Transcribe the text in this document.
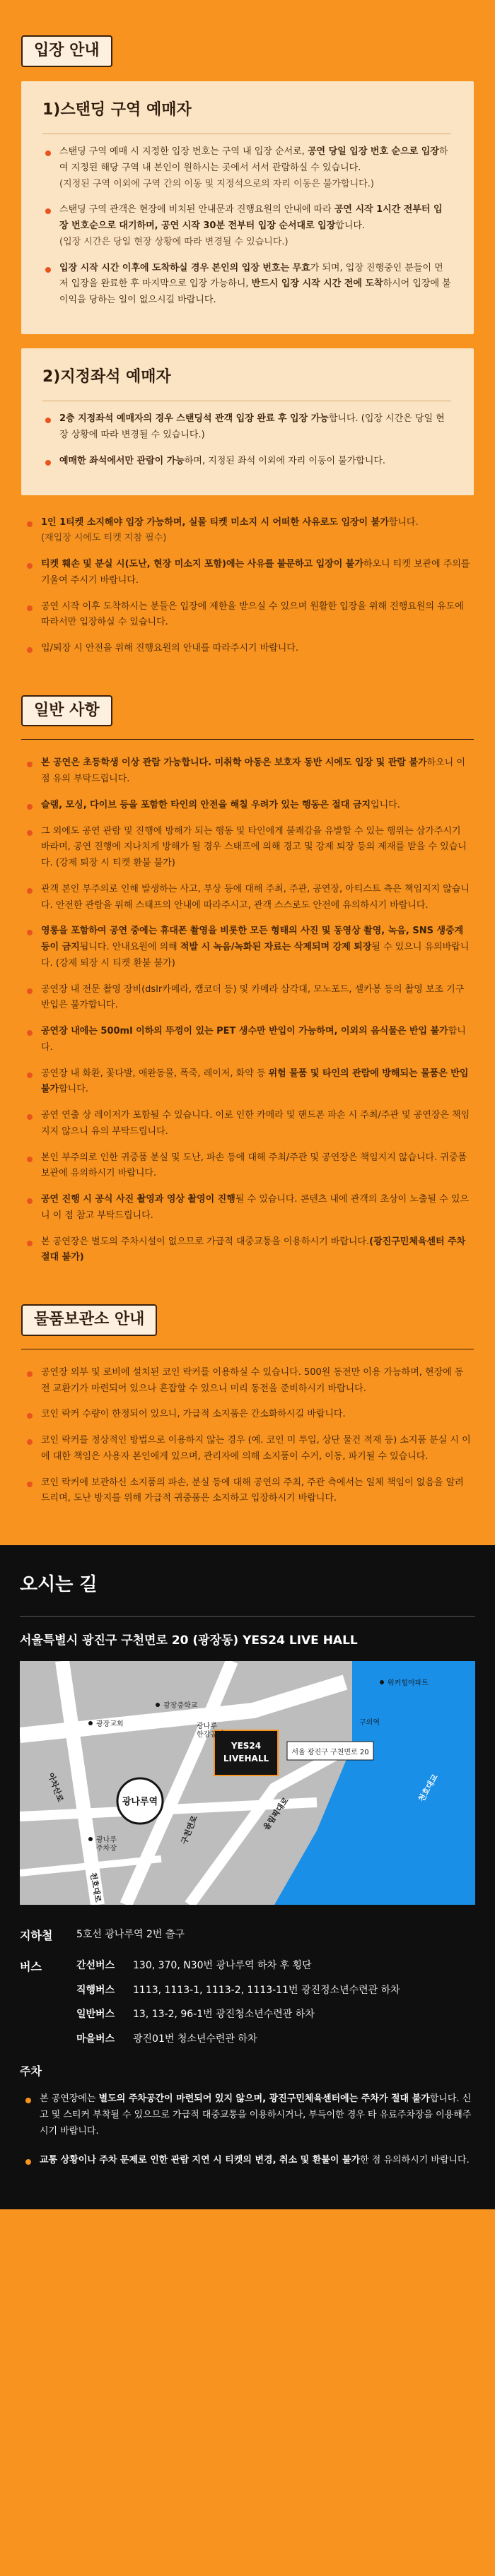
입장 안내
1)스탠딩 구역 예매자
스탠딩 구역 예매 시 지정한 입장 번호는 구역 내 입장 순서로, 공연 당일 입장 번호 순으로 입장하여 지정된 해당 구역 내 본인이 원하시는 곳에서 서서 관람하실 수 있습니다.
(지정된 구역 이외에 구역 간의 이동 및 지정석으로의 자리 이동은 불가합니다.)
스탠딩 구역 관객은 현장에 비치된 안내문과 진행요원의 안내에 따라 공연 시작 1시간 전부터 입장 번호순으로 대기하며, 공연 시작 30분 전부터 입장 순서대로 입장합니다.
(입장 시간은 당일 현장 상황에 따라 변경될 수 있습니다.)
입장 시작 시간 이후에 도착하실 경우 본인의 입장 번호는 무효가 되며, 입장 진행중인 분들이 먼저 입장을 완료한 후 마지막으로 입장 가능하니, 반드시 입장 시작 시간 전에 도착하시어 입장에 불이익을 당하는 일이 없으시길 바랍니다.
2)지정좌석 예매자
2층 지정좌석 예매자의 경우 스탠딩석 관객 입장 완료 후 입장 가능합니다. (입장 시간은 당일 현장 상황에 따라 변경될 수 있습니다.)
예매한 좌석에서만 관람이 가능하며, 지정된 좌석 이외에 자리 이동이 불가합니다.
1인 1티켓 소지해야 입장 가능하며, 실물 티켓 미소지 시 어떠한 사유로도 입장이 불가합니다.
(재입장 시에도 티켓 지참 필수)
티켓 훼손 및 분실 시(도난, 현장 미소지 포함)에는 사유를 불문하고 입장이 불가하오니 티켓 보관에 주의를 기울여 주시기 바랍니다.
공연 시작 이후 도착하시는 분들은 입장에 제한을 받으실 수 있으며 원활한 입장을 위해 진행요원의 유도에 따라서만 입장하실 수 있습니다.
입/퇴장 시 안전을 위해 진행요원의 안내를 따라주시기 바랍니다.
일반 사항
본 공연은 초등학생 이상 관람 가능합니다. 미취학 아동은 보호자 동반 시에도 입장 및 관람 불가하오니 이 점 유의 부탁드립니다.
슬램, 모싱, 다이브 등을 포함한 타인의 안전을 해칠 우려가 있는 행동은 절대 금지입니다.
그 외에도 공연 관람 및 진행에 방해가 되는 행동 및 타인에게 불쾌감을 유발할 수 있는 행위는 삼가주시기 바라며, 공연 진행에 지나치게 방해가 될 경우 스태프에 의해 경고 및 강제 퇴장 등의 제재를 받을 수 있습니다. (강제 퇴장 시 티켓 환불 불가)
관객 본인 부주의로 인해 발생하는 사고, 부상 등에 대해 주최, 주관, 공연장, 아티스트 측은 책임지지 않습니다. 안전한 관람을 위해 스태프의 안내에 따라주시고, 관객 스스로도 안전에 유의하시기 바랍니다.
영롱을 포함하여 공연 중에는 휴대폰 촬영을 비롯한 모든 형태의 사진 및 동영상 촬영, 녹음, SNS 생중계 등이 금지됩니다. 안내요원에 의해 적발 시 녹음/녹화된 자료는 삭제되며 강제 퇴장될 수 있으니 유의바랍니다. (강제 퇴장 시 티켓 환불 불가)
공연장 내 전문 촬영 장비(dslr카메라, 캠코더 등) 및 카메라 삼각대, 모노포드, 셀카봉 등의 촬영 보조 기구 반입은 불가합니다.
공연장 내에는 500ml 이하의 뚜껑이 있는 PET 생수만 반입이 가능하며, 이외의 음식물은 반입 불가합니다.
공연장 내 화환, 꽃다발, 애완동물, 폭죽, 레이저, 화약 등 위험 물품 및 타인의 관람에 방해되는 물품은 반입 불가합니다.
공연 연출 상 레이저가 포함될 수 있습니다. 이로 인한 카메라 및 핸드폰 파손 시 주최/주관 및 공연장은 책임지지 않으니 유의 부탁드립니다.
본인 부주의로 인한 귀중품 분실 및 도난, 파손 등에 대해 주최/주관 및 공연장은 책임지지 않습니다. 귀중품 보관에 유의하시기 바랍니다.
공연 진행 시 공식 사진 촬영과 영상 촬영이 진행될 수 있습니다. 콘텐츠 내에 관객의 초상이 노출될 수 있으니 이 점 참고 부탁드립니다.
본 공연장은 별도의 주차시설이 없으므로 가급적 대중교통을 이용하시기 바랍니다.(광진구민체육센터 주차 절대 불가)
물품보관소 안내
공연장 외부 및 로비에 설치된 코인 락커를 이용하실 수 있습니다. 500원 동전만 이용 가능하며, 현장에 동전 교환기가 마련되어 있으나 혼잡할 수 있으니 미리 동전을 준비하시기 바랍니다.
코인 락커 수량이 한정되어 있으니, 가급적 소지품은 간소화하시길 바랍니다.
코인 락커를 정상적인 방법으로 이용하지 않는 경우 (예. 코인 미 투입, 상단 물건 적재 등) 소지품 분실 시 이에 대한 책임은 사용자 본인에게 있으며, 관리자에 의해 소지품이 수거, 이동, 파기될 수 있습니다.
코인 락커에 보관하신 소지품의 파손, 분실 등에 대해 공연의 주최, 주관 측에서는 일체 책임이 없음을 알려드리며, 도난 방지를 위해 가급적 귀중품은 소지하고 입장하시기 바랍니다.
오시는 길
서울특별시 광진구 구천면로 20 (광장동) YES24 LIVE HALL
광나루역
YES24 LIVEHALL
서울 광진구 구천면로 20
광장중학교
광장교회
워커힐아파트
광나루 주차장
광나루 한강공원
아차산로
구천면로
천호대로
올림픽대로
천호대교
구의역
지하철	5호선 광나루역 2번 출구
버스	간선버스	130, 370, N30번 광나루역 하차 후 횡단
직행버스	1113, 1113-1, 1113-2, 1113-11번 광진정소년수련관 하차
일반버스	13, 13-2, 96-1번 광진청소년수련관 하차
마을버스	광진01번 청소년수련관 하차
주차
본 공연장에는 별도의 주차공간이 마련되어 있지 않으며, 광진구민체육센터에는 주차가 절대 불가합니다. 신고 및 스티커 부착될 수 있으므로 가급적 대중교통을 이용하시거나, 부득이한 경우 타 유료주차장을 이용해주시기 바랍니다.
교통 상황이나 주차 문제로 인한 관람 지연 시 티켓의 변경, 취소 및 환불이 불가한 점 유의하시기 바랍니다.
